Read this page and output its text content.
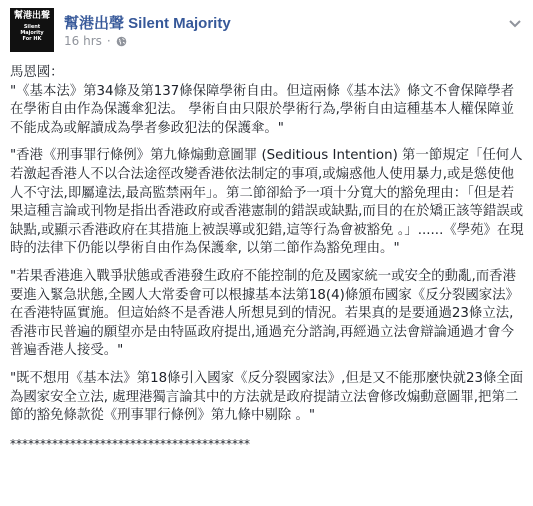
幫港出聲
Silent Majority
For HK
幫港出聲 Silent Majority
16 hrs ·

馬恩國：
"《基本法》第34條及第137條保障學術自由。但這兩條《基本法》條文不會保障學者在學術自由作為保護傘犯法。 學術自由只限於學術行為,學術自由這種基本人權保障並不能成為或解讀成為學者參政犯法的保護傘。"

"香港《刑事罪行條例》第九條煽動意圖罪 (Seditious Intention) 第一節規定「任何人若激起香港人不以合法途徑改變香港依法制定的事項,或煽惑他人使用暴力,或是慫使他人不守法,即屬違法,最高監禁兩年」。第二節卻給予一項十分寬大的豁免理由：「但是若果這種言論或刊物是指出香港政府或香港憲制的錯誤或缺點,而目的在於矯正該等錯誤或缺點,或顯示香港政府在其措施上被誤導或犯錯,這等行為會被豁免 。」......《學苑》在現時的法律下仍能以學術自由作為保護傘, 以第二節作為豁免理由。"

"若果香港進入戰爭狀態或香港發生政府不能控制的危及國家統一或安全的動亂,而香港要進入緊急狀態,全國人大常委會可以根據基本法第18(4)條頒布國家《反分裂國家法》在香港特區實施。但這始終不是香港人所想見到的情況。若果真的是要通過23條立法,香港市民普遍的願望亦是由特區政府提出,通過充分諮詢,再經過立法會辯論通過才會今普遍香港人接受。"

"既不想用《基本法》第18條引入國家《反分裂國家法》,但是又不能那麼快就23條全面為國家安全立法, 處理港獨言論其中的方法就是政府提請立法會修改煽動意圖罪,把第二節的豁免條款從《刑事罪行條例》第九條中剔除 。"

****************************************
